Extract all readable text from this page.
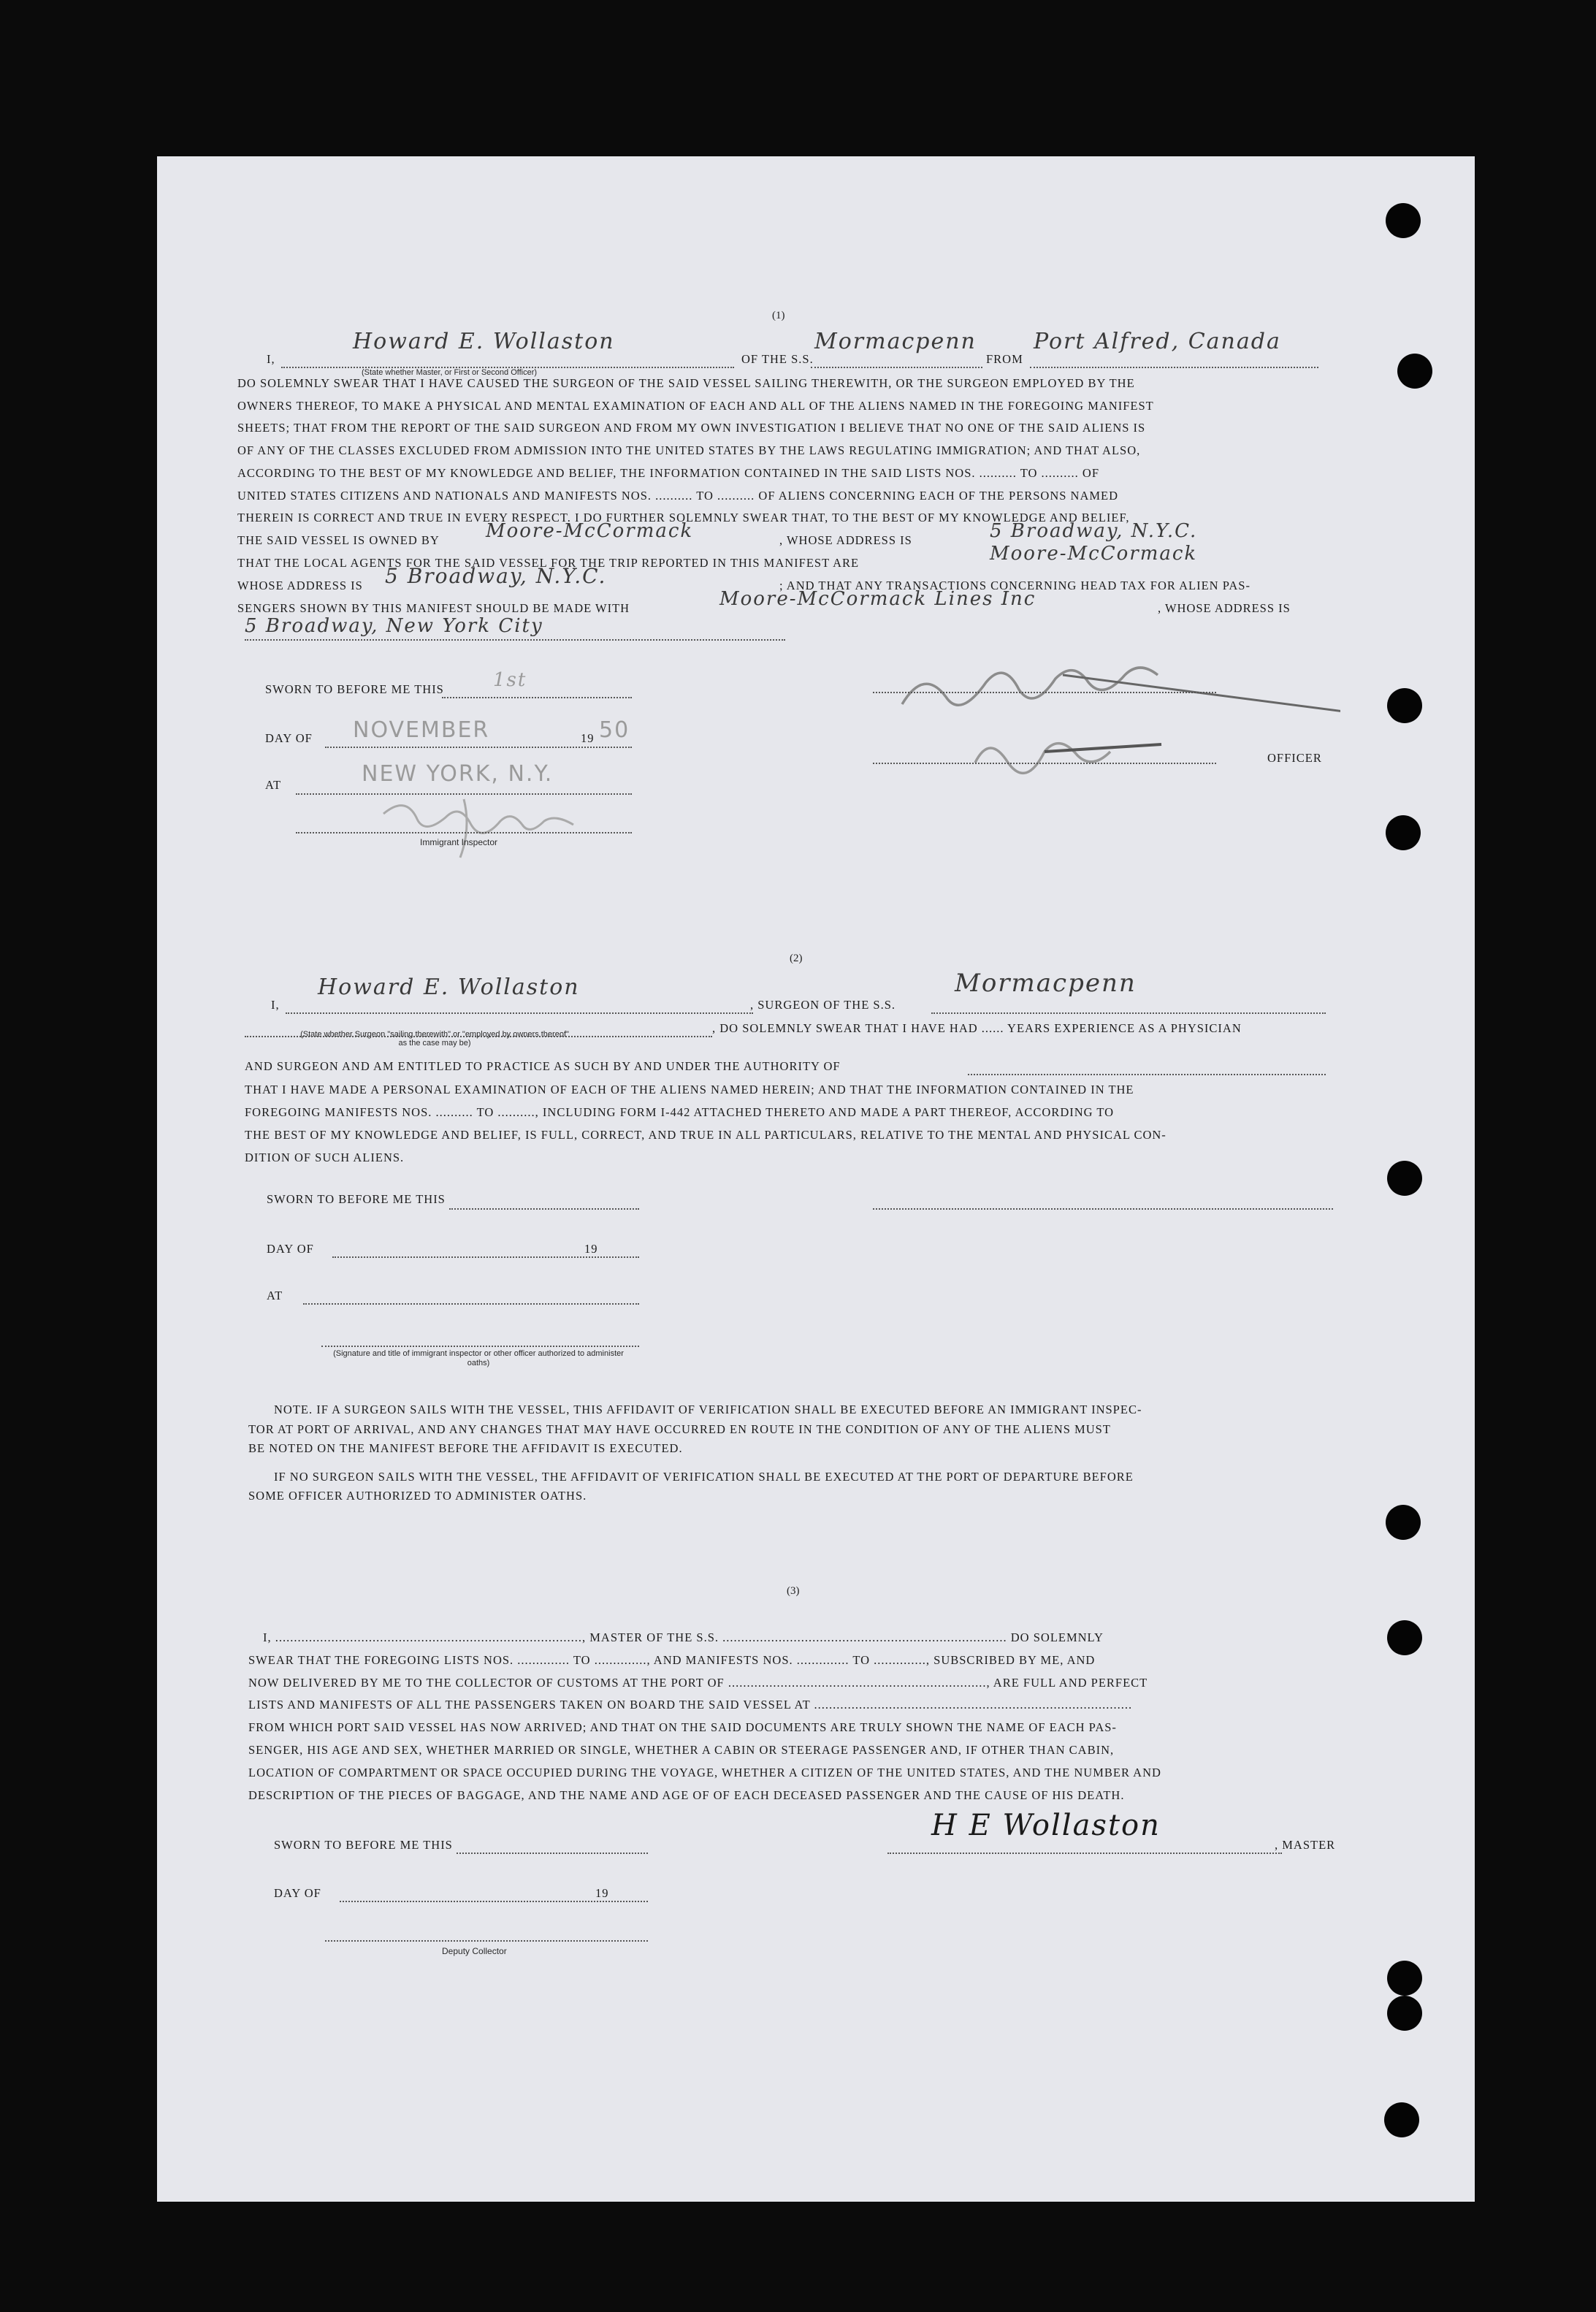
(1)
I,
Howard E. Wollaston
OF THE S.S.
Mormacpenn
FROM
Port Alfred, Canada
(State whether Master, or First or Second Officer)
DO SOLEMNLY SWEAR THAT I HAVE CAUSED THE SURGEON OF THE SAID VESSEL SAILING THEREWITH, OR THE SURGEON EMPLOYED BY THE
OWNERS THEREOF, TO MAKE A PHYSICAL AND MENTAL EXAMINATION OF EACH AND ALL OF THE ALIENS NAMED IN THE FOREGOING MANIFEST
SHEETS; THAT FROM THE REPORT OF THE SAID SURGEON AND FROM MY OWN INVESTIGATION I BELIEVE THAT NO ONE OF THE SAID ALIENS IS
OF ANY OF THE CLASSES EXCLUDED FROM ADMISSION INTO THE UNITED STATES BY THE LAWS REGULATING IMMIGRATION; AND THAT ALSO,
ACCORDING TO THE BEST OF MY KNOWLEDGE AND BELIEF, THE INFORMATION CONTAINED IN THE SAID LISTS NOS. .......... TO .......... OF
UNITED STATES CITIZENS AND NATIONALS AND MANIFESTS NOS. .......... TO .......... OF ALIENS CONCERNING EACH OF THE PERSONS NAMED
THEREIN IS CORRECT AND TRUE IN EVERY RESPECT. I DO FURTHER SOLEMNLY SWEAR THAT, TO THE BEST OF MY KNOWLEDGE AND BELIEF,
THE SAID VESSEL IS OWNED BY Moore-McCormack	, WHOSE ADDRESS IS	5 Broadway, N.Y.C.
THAT THE LOCAL AGENTS FOR THE SAID VESSEL FOR THE TRIP REPORTED IN THIS MANIFEST ARE	Moore-McCormack
WHOSE ADDRESS IS 5 Broadway, N.Y.C.	; AND THAT ANY TRANSACTIONS CONCERNING HEAD TAX FOR ALIEN PAS-
SENGERS SHOWN BY THIS MANIFEST SHOULD BE MADE WITH	Moore-McCormack Lines Inc	, WHOSE ADDRESS IS
5 Broadway, New York City
SWORN TO BEFORE ME THIS	1st
DAY OF NOVEMBER	19 50
AT	NEW YORK, N.Y.
Immigrant Inspector
OFFICER
(2)
I,
Howard E. Wollaston
, SURGEON OF THE S.S.
Mormacpenn
(State whether Surgeon "sailing therewith" or "employed by owners thereof" as the case may be)
, DO SOLEMNLY SWEAR THAT I HAVE HAD ...... YEARS EXPERIENCE AS A PHYSICIAN
AND SURGEON AND AM ENTITLED TO PRACTICE AS SUCH BY AND UNDER THE AUTHORITY OF
THAT I HAVE MADE A PERSONAL EXAMINATION OF EACH OF THE ALIENS NAMED HEREIN; AND THAT THE INFORMATION CONTAINED IN THE
FOREGOING MANIFESTS NOS. .......... TO .........., INCLUDING FORM I-442 ATTACHED THERETO AND MADE A PART THEREOF, ACCORDING TO
THE BEST OF MY KNOWLEDGE AND BELIEF, IS FULL, CORRECT, AND TRUE IN ALL PARTICULARS, RELATIVE TO THE MENTAL AND PHYSICAL CON-
DITION OF SUCH ALIENS.
SWORN TO BEFORE ME THIS
DAY OF	19
AT
(Signature and title of immigrant inspector or other officer authorized to administer oaths)
NOTE. IF A SURGEON SAILS WITH THE VESSEL, THIS AFFIDAVIT OF VERIFICATION SHALL BE EXECUTED BEFORE AN IMMIGRANT INSPEC-
TOR AT PORT OF ARRIVAL, AND ANY CHANGES THAT MAY HAVE OCCURRED EN ROUTE IN THE CONDITION OF ANY OF THE ALIENS MUST
BE NOTED ON THE MANIFEST BEFORE THE AFFIDAVIT IS EXECUTED.
IF NO SURGEON SAILS WITH THE VESSEL, THE AFFIDAVIT OF VERIFICATION SHALL BE EXECUTED AT THE PORT OF DEPARTURE BEFORE
SOME OFFICER AUTHORIZED TO ADMINISTER OATHS.
(3)
I, .................................................................................., MASTER OF THE S.S. ............................................................................ DO SOLEMNLY
SWEAR THAT THE FOREGOING LISTS NOS. .............. TO .............., AND MANIFESTS NOS. .............. TO .............., SUBSCRIBED BY ME, AND
NOW DELIVERED BY ME TO THE COLLECTOR OF CUSTOMS AT THE PORT OF ....................................................................., ARE FULL AND PERFECT
LISTS AND MANIFESTS OF ALL THE PASSENGERS TAKEN ON BOARD THE SAID VESSEL AT .....................................................................................
FROM WHICH PORT SAID VESSEL HAS NOW ARRIVED; AND THAT ON THE SAID DOCUMENTS ARE TRULY SHOWN THE NAME OF EACH PAS-
SENGER, HIS AGE AND SEX, WHETHER MARRIED OR SINGLE, WHETHER A CABIN OR STEERAGE PASSENGER AND, IF OTHER THAN CABIN,
LOCATION OF COMPARTMENT OR SPACE OCCUPIED DURING THE VOYAGE, WHETHER A CITIZEN OF THE UNITED STATES, AND THE NUMBER AND
DESCRIPTION OF THE PIECES OF BAGGAGE, AND THE NAME AND AGE OF OF EACH DECEASED PASSENGER AND THE CAUSE OF HIS DEATH.
SWORN TO BEFORE ME THIS
H E Wollaston
, MASTER
DAY OF	19
Deputy Collector
